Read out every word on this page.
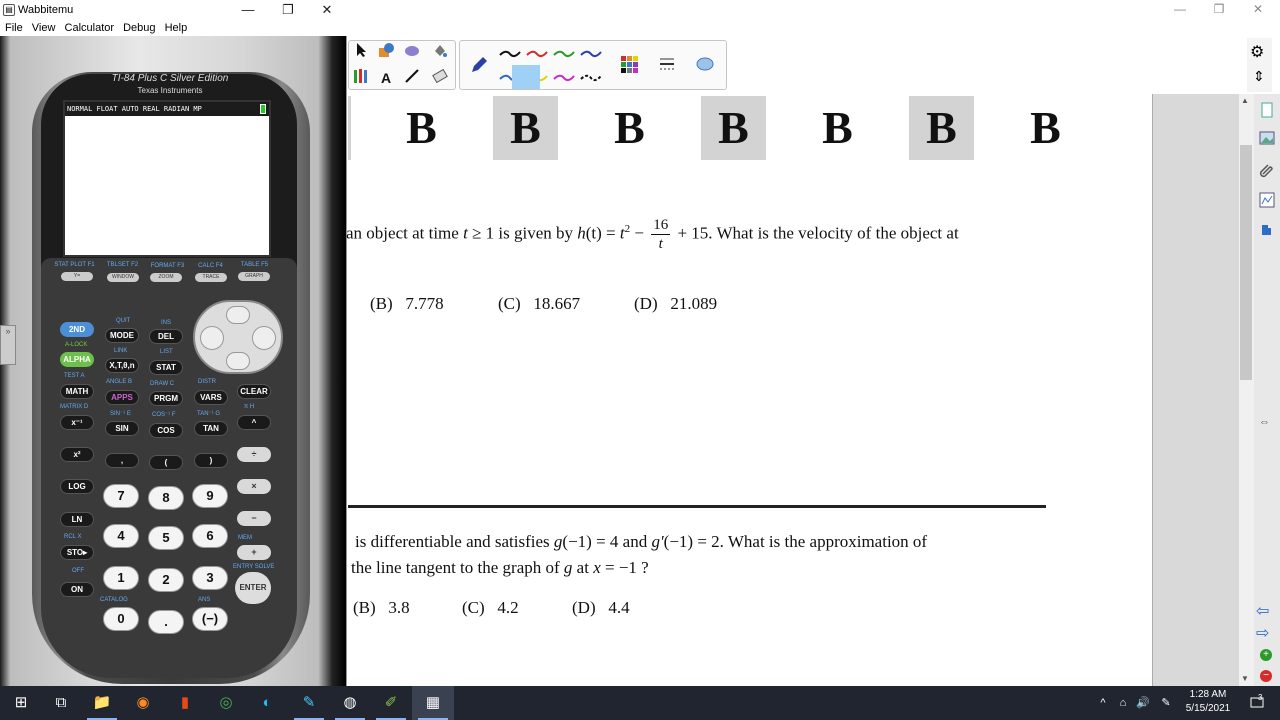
▤ Wabbitemu	—	❐	✕
File View Calculator Debug Help
»
TI-84 Plus C Silver Edition
Texas Instruments
NORMAL FLOAT AUTO REAL RADIAN MP
STAT PLOT F1	TBLSET F2	FORMAT F3	CALC F4	TABLE F5
Y=	WINDOW	ZOOM	TRACE	GRAPH
QUIT	INS
2ND
MODE	DEL
A-LOCK
LINK	LIST
ALPHA
X,T,θ,n	STAT
TEST A
ANGLE B	DRAW C	DISTR
MATH
APPS	PRGM	VARS
CLEAR
MATRIX D
SIN⁻¹ E	COS⁻¹ F	TAN⁻¹ G
π H
x⁻¹
SIN	COS	TAN
^
x²
,	(	)
÷
LOG
7	8	9
×
LN
4	5	6
−
RCL X	MEM
STO▸
1	2	3
+
OFF
CATALOG	ANS
ENTRY SOLVE
ON
0	.	(−)
ENTER
—	❐	✕
A
⚙
⇕
▲
▼
⇔
⇦
⇨
+
−
B	B	B	B	B	B	B
an object at time t ≥ 1 is given by $h(t) = t^2 - \frac{16}{t} + 15$. What is the velocity of the object at
(B) 7.778	(C) 18.667	(D) 21.089
is differentiable and satisfies g(−1) = 4 and g′(−1) = 2. What is the approximation of
the line tangent to the graph of g at x = −1 ?
(B) 3.8	(C) 4.2	(D) 4.4
⊞	⧉	📁	◉	▮	◎	◐	✎	◍	✐	▦	^	⌂ 🔊	✎
1:28 AM
5/15/2021
3
